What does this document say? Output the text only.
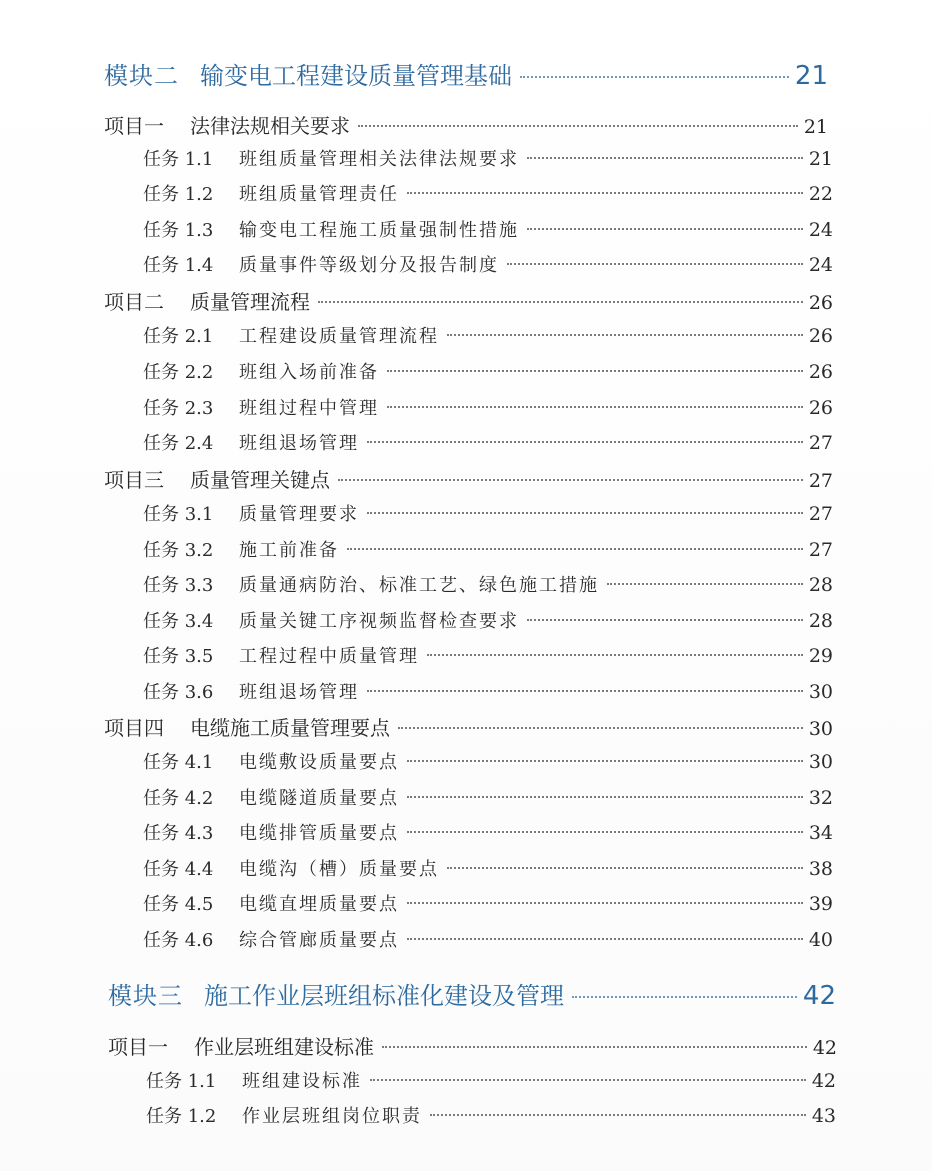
模块二 输变电工程建设质量管理基础	21
项目一	法律法规相关要求	21
任务 1.1	班组质量管理相关法律法规要求	21
任务 1.2	班组质量管理责任	22
任务 1.3	输变电工程施工质量强制性措施	24
任务 1.4	质量事件等级划分及报告制度	24
项目二	质量管理流程	26
任务 2.1	工程建设质量管理流程	26
任务 2.2	班组入场前准备	26
任务 2.3	班组过程中管理	26
任务 2.4	班组退场管理	27
项目三	质量管理关键点	27
任务 3.1	质量管理要求	27
任务 3.2	施工前准备	27
任务 3.3	质量通病防治、标准工艺、绿色施工措施	28
任务 3.4	质量关键工序视频监督检查要求	28
任务 3.5	工程过程中质量管理	29
任务 3.6	班组退场管理	30
项目四	电缆施工质量管理要点	30
任务 4.1	电缆敷设质量要点	30
任务 4.2	电缆隧道质量要点	32
任务 4.3	电缆排管质量要点	34
任务 4.4	电缆沟（槽）质量要点	38
任务 4.5	电缆直埋质量要点	39
任务 4.6	综合管廊质量要点	40
模块三 施工作业层班组标准化建设及管理	42
项目一	作业层班组建设标准	42
任务 1.1	班组建设标准	42
任务 1.2	作业层班组岗位职责	43
